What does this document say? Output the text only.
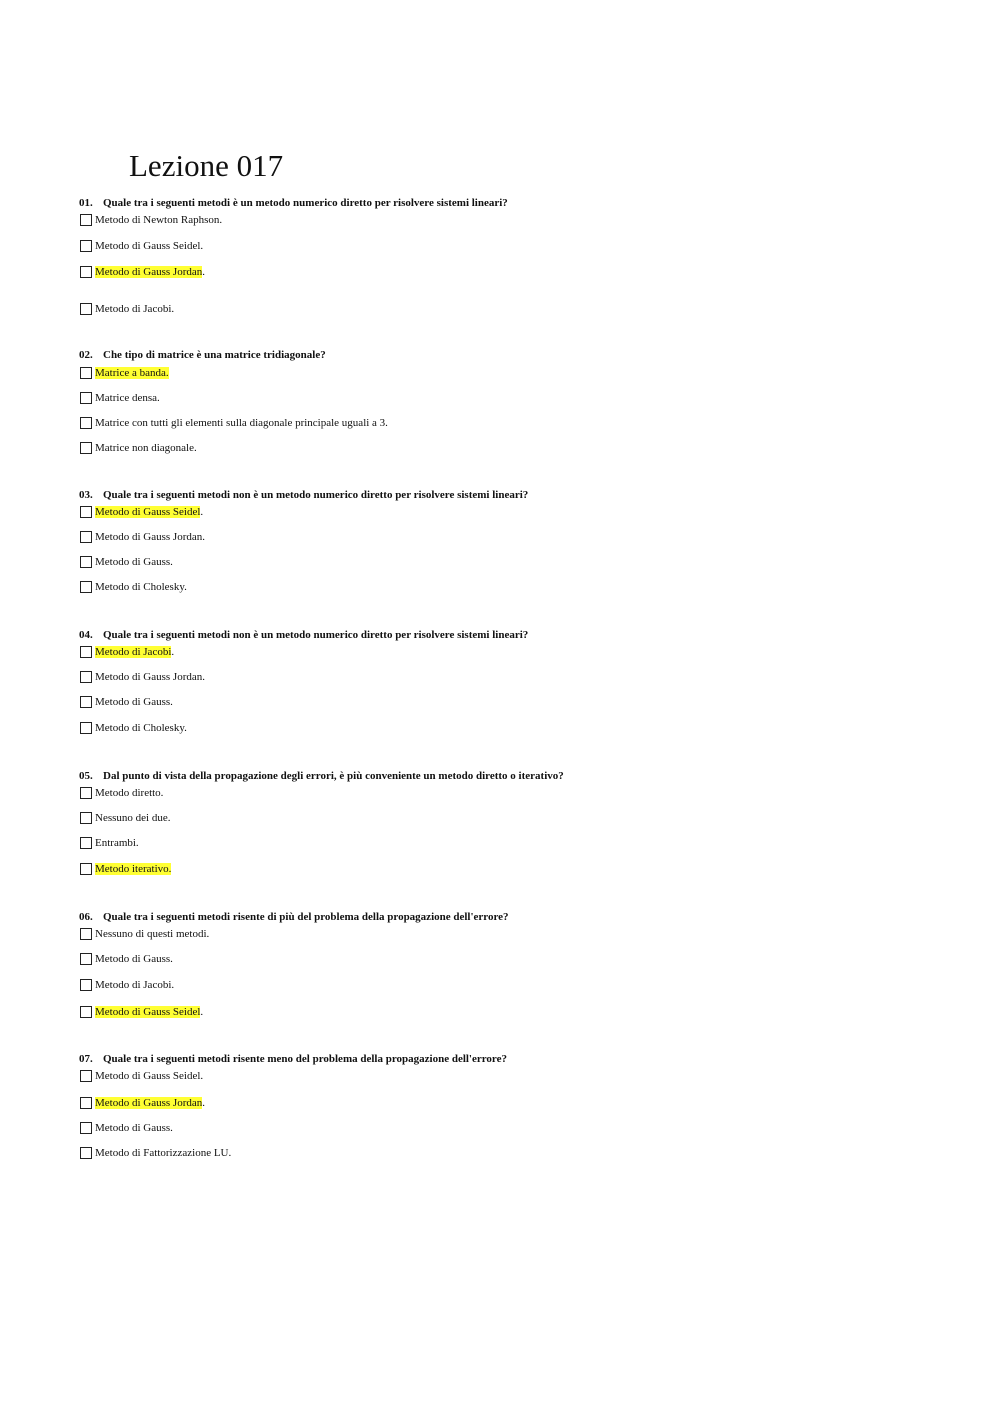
Lezione 017
01. Quale tra i seguenti metodi è un metodo numerico diretto per risolvere sistemi lineari?
Metodo di Newton Raphson.
Metodo di Gauss Seidel.
Metodo di Gauss Jordan .
Metodo di Jacobi.
02. Che tipo di matrice è una matrice tridiagonale?
Matrice a banda.
Matrice densa.
Matrice con tutti gli elementi sulla diagonale principale uguali a 3.
Matrice non diagonale.
03. Quale tra i seguenti metodi non è un metodo numerico diretto per risolvere sistemi lineari?
Metodo di Gauss Seidel .
Metodo di Gauss Jordan.
Metodo di Gauss.
Metodo di Cholesky.
04. Quale tra i seguenti metodi non è un metodo numerico diretto per risolvere sistemi lineari?
Metodo di Jacobi .
Metodo di Gauss Jordan.
Metodo di Gauss.
Metodo di Cholesky.
05. Dal punto di vista della propagazione degli errori, è più conveniente un metodo diretto o iterativo?
Metodo diretto.
Nessuno dei due.
Entrambi.
Metodo iterativo.
06. Quale tra i seguenti metodi risente di più del problema della propagazione dell'errore?
Nessuno di questi metodi.
Metodo di Gauss.
Metodo di Jacobi.
Metodo di Gauss Seidel .
07. Quale tra i seguenti metodi risente meno del problema della propagazione dell'errore?
Metodo di Gauss Seidel.
Metodo di Gauss Jordan .
Metodo di Gauss.
Metodo di Fattorizzazione LU.
